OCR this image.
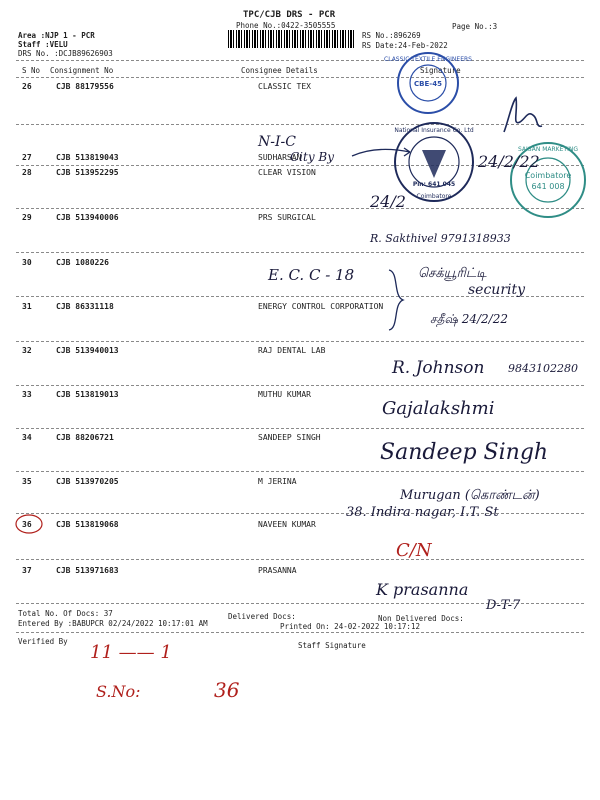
TPC/CJB DRS - PCR
Phone No.:0422-3505555
Area :NJP 1 - PCR
Staff :VELU
DRS No. :DCJB89626903
RS No.:896269
RS Date:24-Feb-2022
Page No.:3
S No Consignment No	Consignee Details	Signature
26	CJB 88179556	CLASSIC TEX
27	CJB 513819043	SUDHARSAN
28	CJB 513952295	CLEAR VISION
29	CJB 513940006	PRS SURGICAL
30	CJB 1080226
31	CJB 86331118	ENERGY CONTROL CORPORATION
32	CJB 513940013	RAJ DENTAL LAB
33	CJB 513819013	MUTHU KUMAR
34	CJB 88206721	SANDEEP SINGH
35	CJB 513970205	M JERINA
36	CJB 513819068	NAVEEN KUMAR
37	CJB 513971683	PRASANNA
Total No. Of Docs: 37	Delivered Docs:	Non Delivered Docs:
Entered By :BABUPCR 02/24/2022 10:17:01 AM	Printed On: 24-02-2022 10:17:12
Verified By	Staff Signature
CLASSIC TEXTILE ENGINEERS
CBE-45
National Insurance Co. Ltd
Pin: 641 045
Coimbatore
SAISAN MARKETING
Coimbatore
641 008
N-I-C
City By	24/2/22
24/2
R. Sakthivel 9791318933
E. C. C - 18	செக்யூரிட்டி
security
சதீஷ் 24/2/22
R. Johnson 9843102280
Gajalakshmi
Sandeep Singh
Murugan (கொண்டன்)
38. Indira nagar, I.T. St
C/N
K prasanna
D-T-7
11 —— 1
S.No:	36
